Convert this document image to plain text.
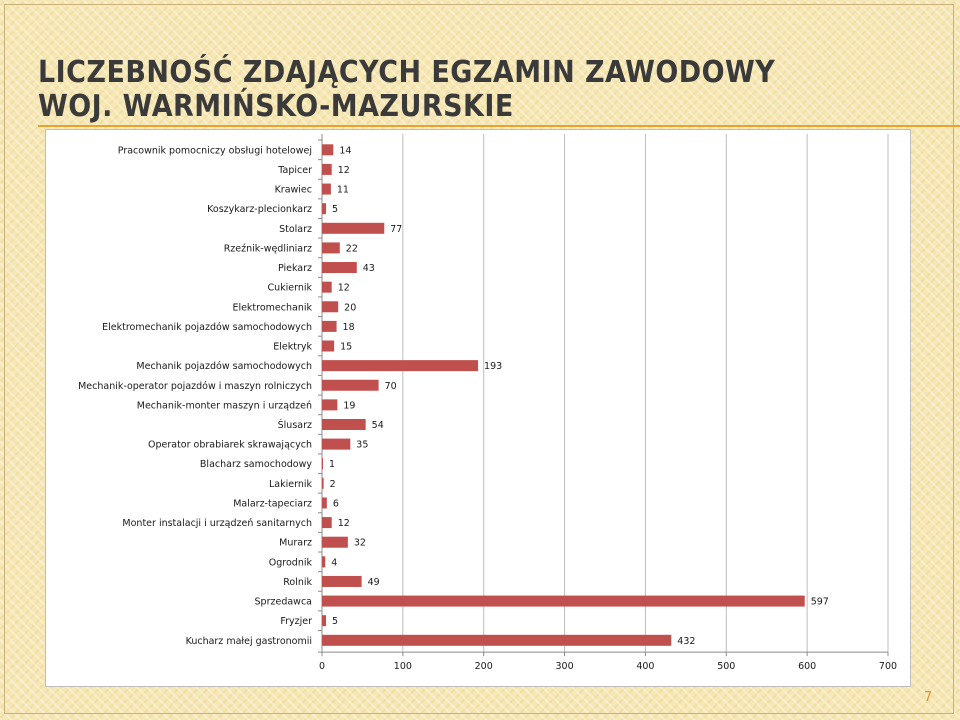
LICZEBNOŚĆ ZDAJĄCYCH EGZAMIN ZAWODOWY
WOJ. WARMIŃSKO-MAZURSKIE
0	100	200	300	400	500	600	700
Pracownik pomocniczy obsługi hotelowej	14
Tapicer	12
Krawiec	11
Koszykarz-plecionkarz 5
Stolarz	77
Rzeźnik-wędliniarz	22
Piekarz	43
Cukiernik	12
Elektromechanik	20
Elektromechanik pojazdów samochodowych	18
Elektryk	15
Mechanik pojazdów samochodowych	193
Mechanik-operator pojazdów i maszyn rolniczych	70
Mechanik-monter maszyn i urządzeń	19
Ślusarz	54
Operator obrabiarek skrawających	35
Blacharz samochodowy 1
Lakiernik 2
Malarz-tapeciarz 6
Monter instalacji i urządzeń sanitarnych	12
Murarz	32
Ogrodnik 4
Rolnik	49
Sprzedawca	597
Fryzjer 5
Kucharz małej gastronomii	432
7
